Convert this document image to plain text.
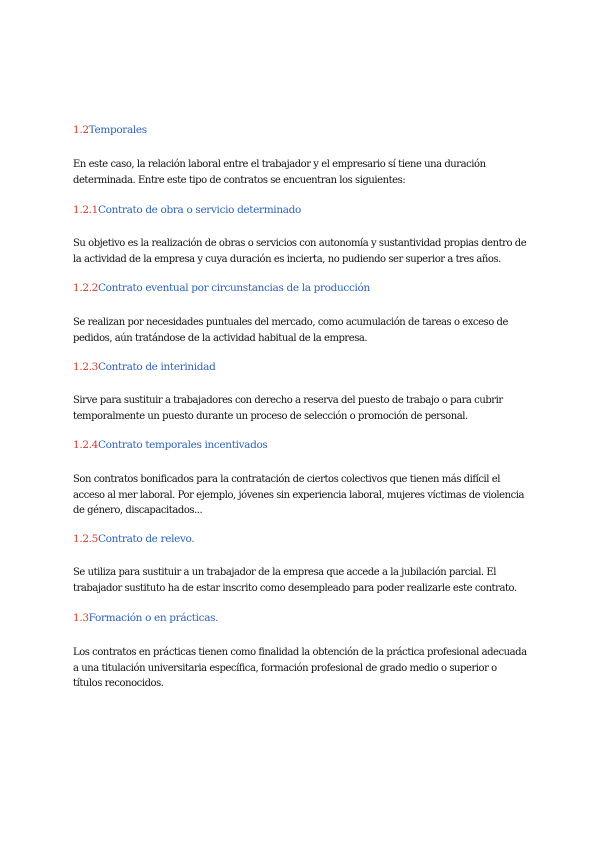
1.2Temporales

En este caso, la relación laboral entre el trabajador y el empresario sí tiene una duración
determinada. Entre este tipo de contratos se encuentran los siguientes:

1.2.1Contrato de obra o servicio determinado

Su objetivo es la realización de obras o servicios con autonomía y sustantividad propias dentro de
la actividad de la empresa y cuya duración es incierta, no pudiendo ser superior a tres años.

1.2.2Contrato eventual por circunstancias de la producción

Se realizan por necesidades puntuales del mercado, como acumulación de tareas o exceso de
pedidos, aún tratándose de la actividad habitual de la empresa.

1.2.3Contrato de interinidad

Sirve para sustituir a trabajadores con derecho a reserva del puesto de trabajo o para cubrir
temporalmente un puesto durante un proceso de selección o promoción de personal.

1.2.4Contrato temporales incentivados

Son contratos bonificados para la contratación de ciertos colectivos que tienen más difícil el
acceso al mer laboral. Por ejemplo, jóvenes sin experiencia laboral, mujeres víctimas de violencia
de género, discapacitados...

1.2.5Contrato de relevo.

Se utiliza para sustituir a un trabajador de la empresa que accede a la jubilación parcial. El
trabajador sustituto ha de estar inscrito como desempleado para poder realizarle este contrato.

1.3Formación o en prácticas.

Los contratos en prácticas tienen como finalidad la obtención de la práctica profesional adecuada
a una titulación universitaria específica, formación profesional de grado medio o superior o
títulos reconocidos.
